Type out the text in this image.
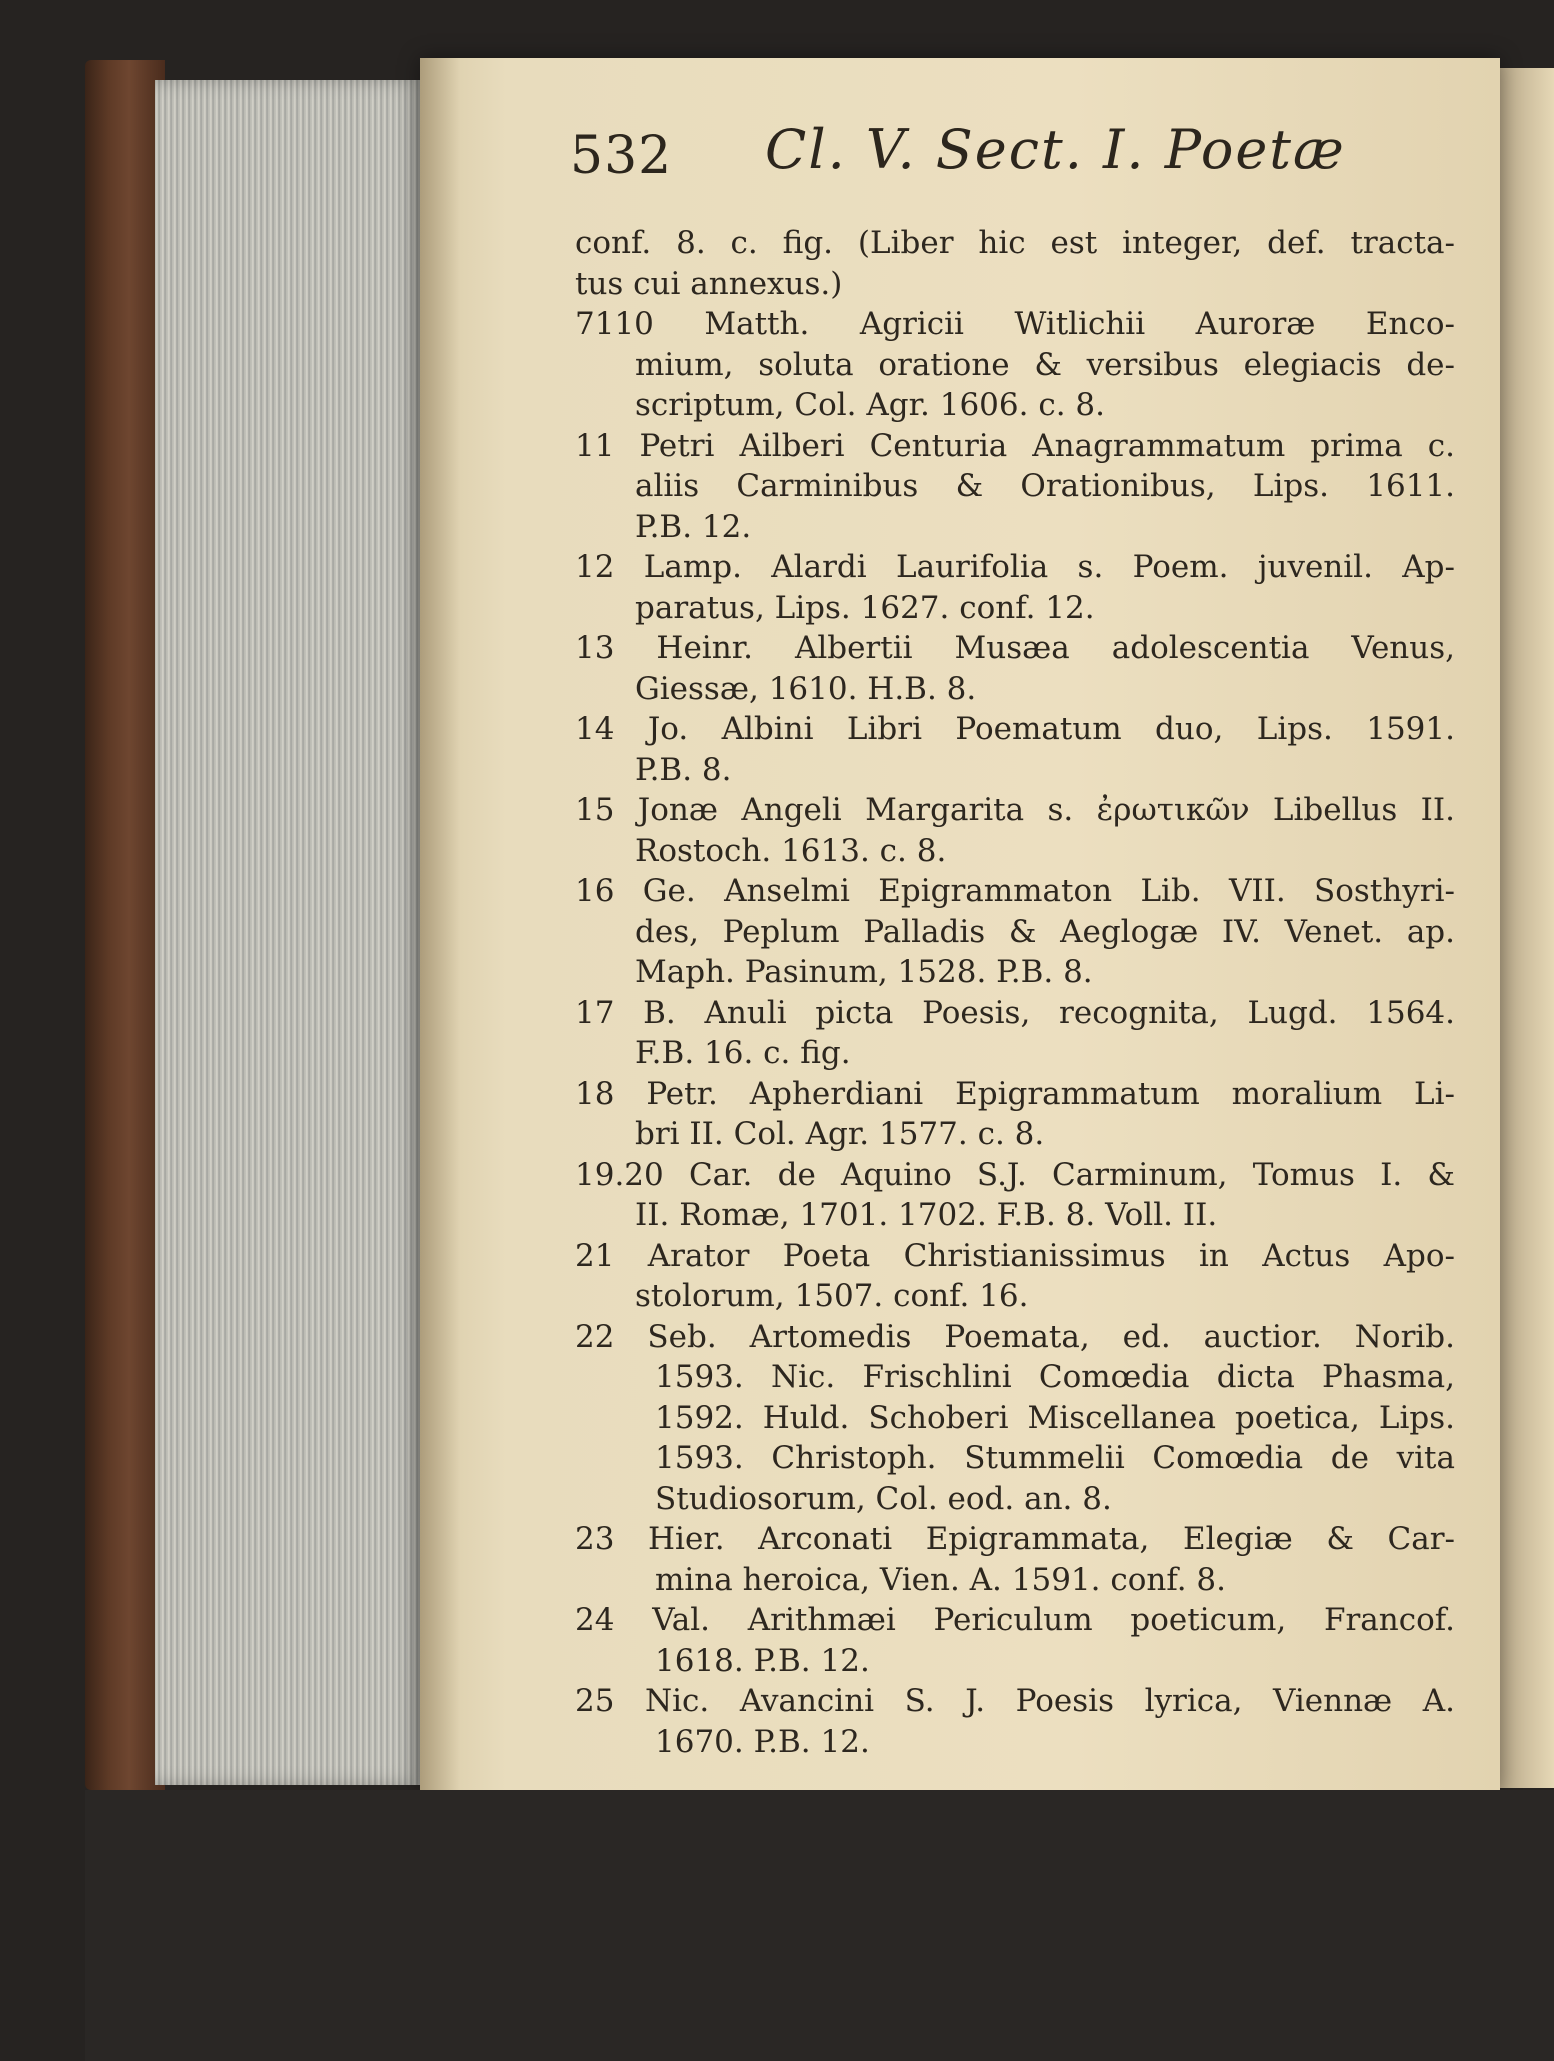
532 Cl. V. Sect. I. Poetæ
conf. 8. c. fig. (Liber hic est integer, def. tracta-
tus cui annexus.)
7110 Matth. Agricii Witlichii Auroræ Enco-
mium, soluta oratione & versibus elegiacis de-
scriptum, Col. Agr. 1606. c. 8.
11 Petri Ailberi Centuria Anagrammatum prima c.
aliis Carminibus & Orationibus, Lips. 1611.
P.B. 12.
12 Lamp. Alardi Laurifolia s. Poem. juvenil. Ap-
paratus, Lips. 1627. conf. 12.
13 Heinr. Albertii Musæa adolescentia Venus,
Giessæ, 1610. H.B. 8.
14 Jo. Albini Libri Poematum duo, Lips. 1591.
P.B. 8.
15 Jonæ Angeli Margarita s. ἐρωτικῶν Libellus II.
Rostoch. 1613. c. 8.
16 Ge. Anselmi Epigrammaton Lib. VII. Sosthyri-
des, Peplum Palladis & Aeglogæ IV. Venet. ap.
Maph. Pasinum, 1528. P.B. 8.
17 B. Anuli picta Poesis, recognita, Lugd. 1564.
F.B. 16. c. fig.
18 Petr. Apherdiani Epigrammatum moralium Li-
bri II. Col. Agr. 1577. c. 8.
19.20 Car. de Aquino S.J. Carminum, Tomus I. &
II. Romæ, 1701. 1702. F.B. 8. Voll. II.
21 Arator Poeta Christianissimus in Actus Apo-
stolorum, 1507. conf. 16.
22 Seb. Artomedis Poemata, ed. auctior. Norib.
1593. Nic. Frischlini Comœdia dicta Phasma,
1592. Huld. Schoberi Miscellanea poetica, Lips.
1593. Christoph. Stummelii Comœdia de vita
Studiosorum, Col. eod. an. 8.
23 Hier. Arconati Epigrammata, Elegiæ & Car-
mina heroica, Vien. A. 1591. conf. 8.
24 Val. Arithmæi Periculum poeticum, Francof.
1618. P.B. 12.
25 Nic. Avancini S. J. Poesis lyrica, Viennæ A.
1670. P.B. 12.
